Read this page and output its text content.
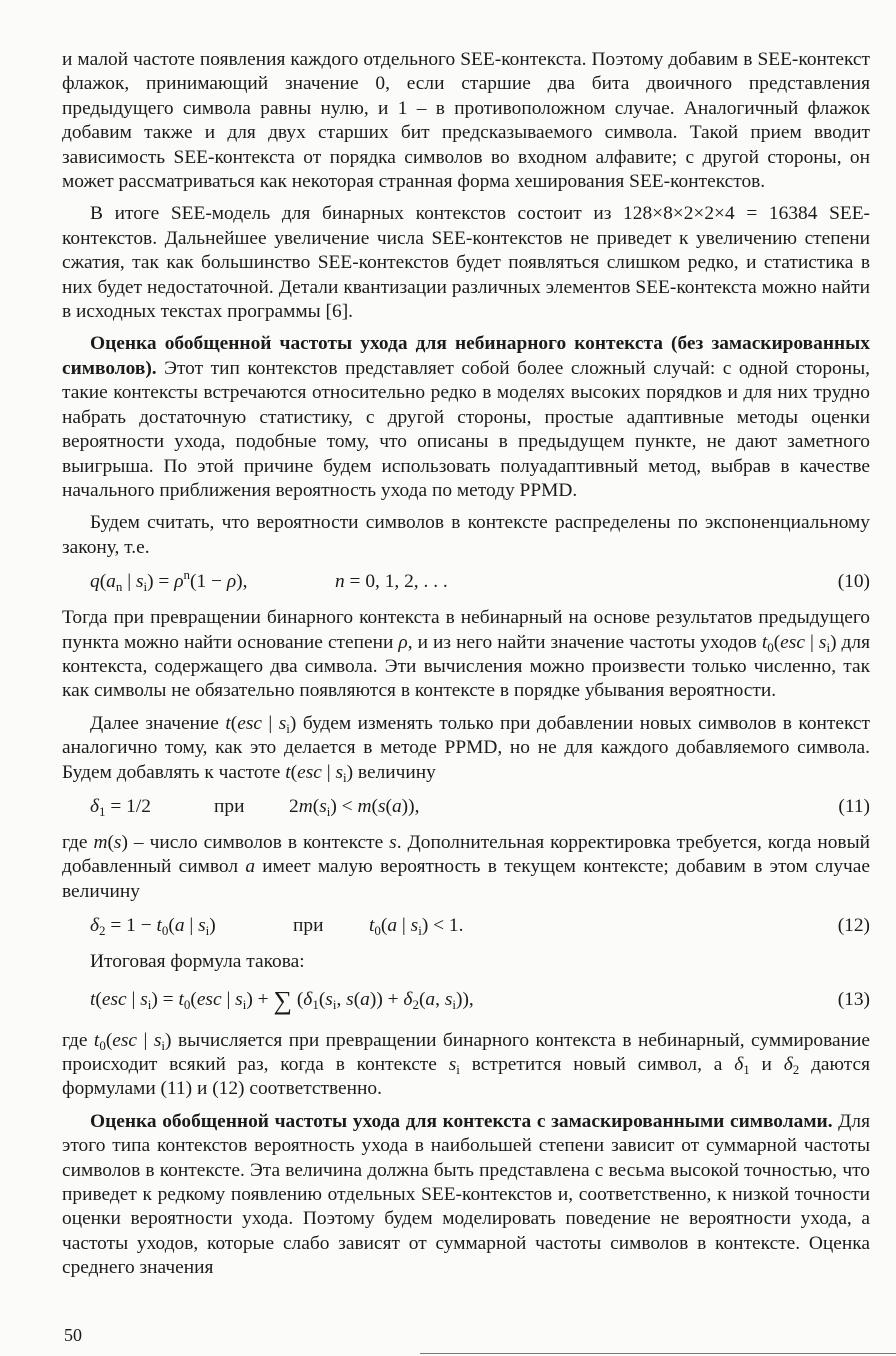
и малой частоте появления каждого отдельного SEE-контекста. Поэтому добавим в SEE-контекст флажок, принимающий значение 0, если старшие два бита двоичного представления предыдущего символа равны нулю, и 1 – в противоположном случае. Аналогичный флажок добавим также и для двух старших бит предсказываемого символа. Такой прием вводит зависимость SEE-контекста от порядка символов во входном алфавите; с другой стороны, он может рассматриваться как некоторая странная форма хеширования SEE-контекстов.

В итоге SEE-модель для бинарных контекстов состоит из 128×8×2×2×4 = 16384 SEE-контекстов. Дальнейшее увеличение числа SEE-контекстов не приведет к увеличению степени сжатия, так как большинство SEE-контекстов будет появляться слишком редко, и статистика в них будет недостаточной. Детали квантизации различных элементов SEE-контекста можно найти в исходных текстах программы [6].

Оценка обобщенной частоты ухода для небинарного контекста (без замаскированных символов). Этот тип контекстов представляет собой более сложный случай: с одной стороны, такие контексты встречаются относительно редко в моделях высоких порядков и для них трудно набрать достаточную статистику, с другой стороны, простые адаптивные методы оценки вероятности ухода, подобные тому, что описаны в предыдущем пункте, не дают заметного выигрыша. По этой причине будем использовать полуадаптивный метод, выбрав в качестве начального приближения вероятность ухода по методу PPMD.

Будем считать, что вероятности символов в контексте распределены по экспоненциальному закону, т.е.

$q(a_n$ | $s_i) = \rho^n(1 - \rho)$,	n = 0, 1, 2, . . .	(10)

Тогда при превращении бинарного контекста в небинарный на основе результатов предыдущего пункта можно найти основание степени ρ, и из него найти значение частоты уходов $t_0(esc$ | $s_i$) для контекста, содержащего два символа. Эти вычисления можно произвести только численно, так как символы не обязательно появляются в контексте в порядке убывания вероятности.

Далее значение t(esc | $s_i$) будем изменять только при добавлении новых символов в контекст аналогично тому, как это делается в методе PPMD, но не для каждого добавляемого символа. Будем добавлять к частоте t(esc | $s_i$) величину

$\delta_1 = 1/2$	при $2m(s_i) < m(s(a))$,	(11)

где m(s) – число символов в контексте s. Дополнительная корректировка требуется, когда новый добавленный символ a имеет малую вероятность в текущем контексте; добавим в этом случае величину

$\delta_2 = 1 - t_0(a$ | $s_i$)	при $t_0(a$ | $s_i) < 1$.	(12)

Итоговая формула такова:

t(esc | $s_i) = t_0(esc$ | $s_i$) + ∑ ($\delta_1(s_i$, $s(a)) + \delta_2(a$, $s_i$)),	(13)

где $t_0(esc$ | $s_i$) вычисляется при превращении бинарного контекста в небинарный, суммирование происходит всякий раз, когда в контексте $s_i$ встретится новый символ, а $\delta_1$ и $\delta_2$ даются формулами (11) и (12) соответственно.

Оценка обобщенной частоты ухода для контекста с замаскированными символами. Для этого типа контекстов вероятность ухода в наибольшей степени зависит от суммарной частоты символов в контексте. Эта величина должна быть представлена с весьма высокой точностью, что приведет к редкому появлению отдельных SEE-контекстов и, соответственно, к низкой точности оценки вероятности ухода. Поэтому будем моделировать поведение не вероятности ухода, а частоты уходов, которые слабо зависят от суммарной частоты символов в контексте. Оценка среднего значения

50
